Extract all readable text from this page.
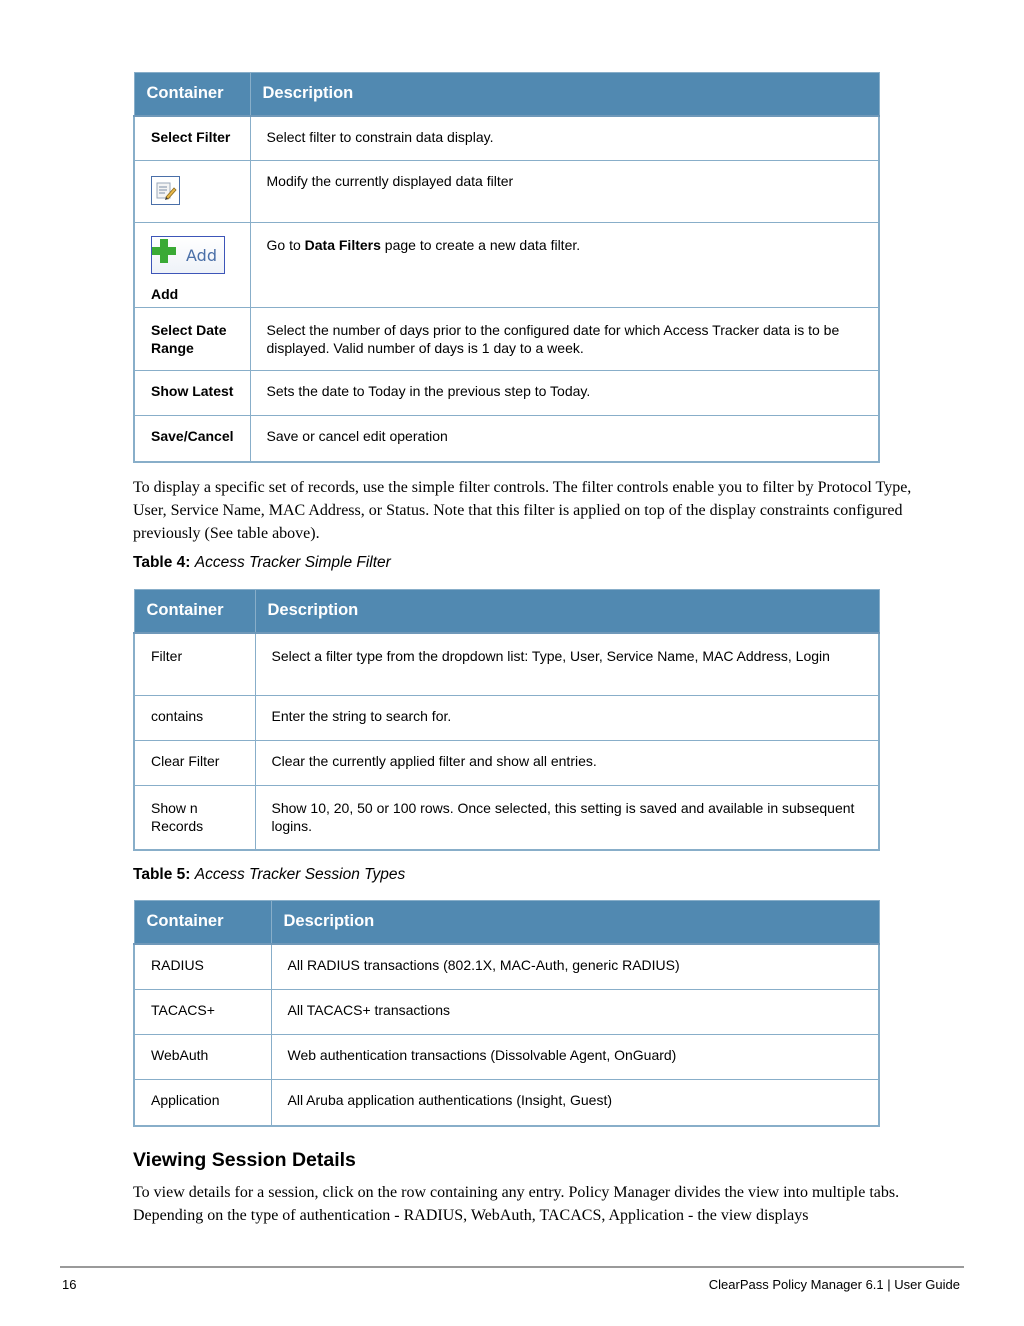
Container	Description
Select Filter	Select filter to constrain data display.

	Modify the currently displayed data filter

Add
Add	Go to Data Filters page to create a new data filter.
Select Date Range	Select the number of days prior to the configured date for which Access Tracker data is to be displayed. Valid number of days is 1 day to a week.
Show Latest	Sets the date to Today in the previous step to Today.
Save/Cancel	Save or cancel edit operation

To display a specific set of records, use the simple filter controls. The filter controls enable you to filter by Protocol Type, User, Service Name, MAC Address, or Status. Note that this filter is applied on top of the display constraints configured previously (See table above).

Table 4: Access Tracker Simple Filter
Container	Description
Filter	Select a filter type from the dropdown list: Type, User, Service Name, MAC Address, Login
contains	Enter the string to search for.
Clear Filter	Clear the currently applied filter and show all entries.
Show n Records	Show 10, 20, 50 or 100 rows. Once selected, this setting is saved and available in subsequent logins.
Table 5: Access Tracker Session Types
Container	Description
RADIUS	All RADIUS transactions (802.1X, MAC-Auth, generic RADIUS)
TACACS+	All TACACS+ transactions
WebAuth	Web authentication transactions (Dissolvable Agent, OnGuard)
Application	All Aruba application authentications (Insight, Guest)
Viewing Session Details

To view details for a session, click on the row containing any entry. Policy Manager divides the view into multiple tabs. Depending on the type of authentication - RADIUS, WebAuth, TACACS, Application - the view displays

16	ClearPass Policy Manager 6.1 | User Guide
